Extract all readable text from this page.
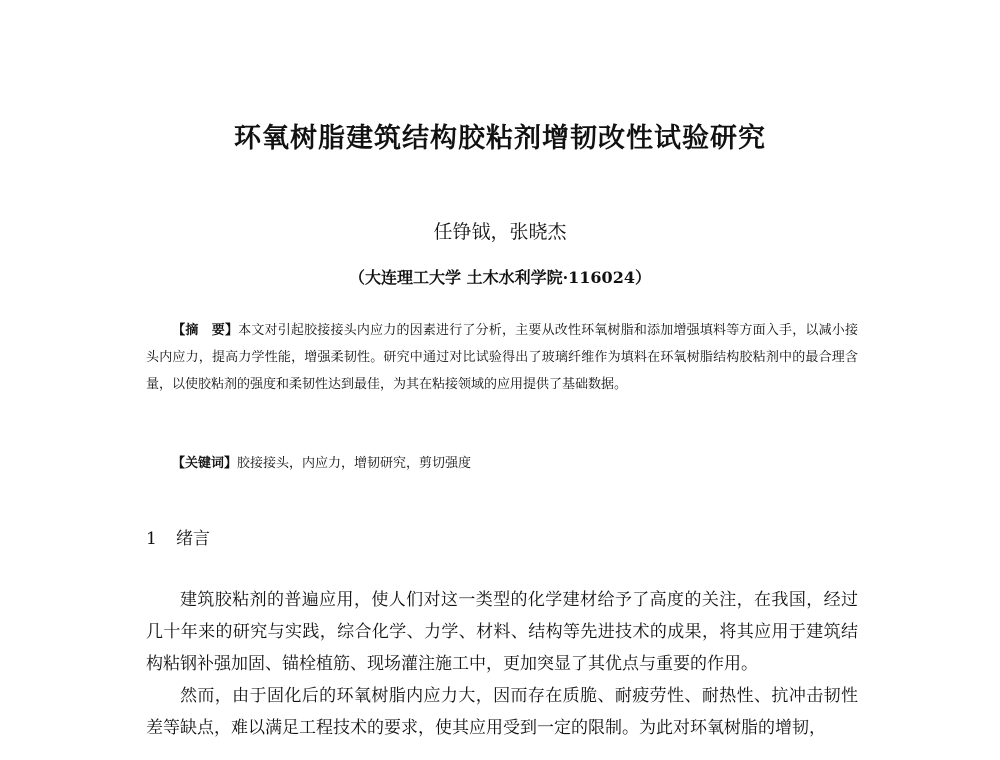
环氧树脂建筑结构胶粘剂增韧改性试验研究
任铮钺，张晓杰
（大连理工大学 土木水利学院·116024）
【摘　要】本文对引起胶接接头内应力的因素进行了分析，主要从改性环氧树脂和添加增强填料等方面入手，以减小接头内应力，提高力学性能，增强柔韧性。研究中通过对比试验得出了玻璃纤维作为填料在环氧树脂结构胶粘剂中的最合理含量，以使胶粘剂的强度和柔韧性达到最佳，为其在粘接领域的应用提供了基础数据。
【关键词】胶接接头，内应力，增韧研究，剪切强度
1 绪言

建筑胶粘剂的普遍应用，使人们对这一类型的化学建材给予了高度的关注，在我国，经过几十年来的研究与实践，综合化学、力学、材料、结构等先进技术的成果，将其应用于建筑结构粘钢补强加固、锚栓植筋、现场灌注施工中，更加突显了其优点与重要的作用。

然而，由于固化后的环氧树脂内应力大，因而存在质脆、耐疲劳性、耐热性、抗冲击韧性差等缺点，难以满足工程技术的要求，使其应用受到一定的限制。为此对环氧树脂的增韧，
